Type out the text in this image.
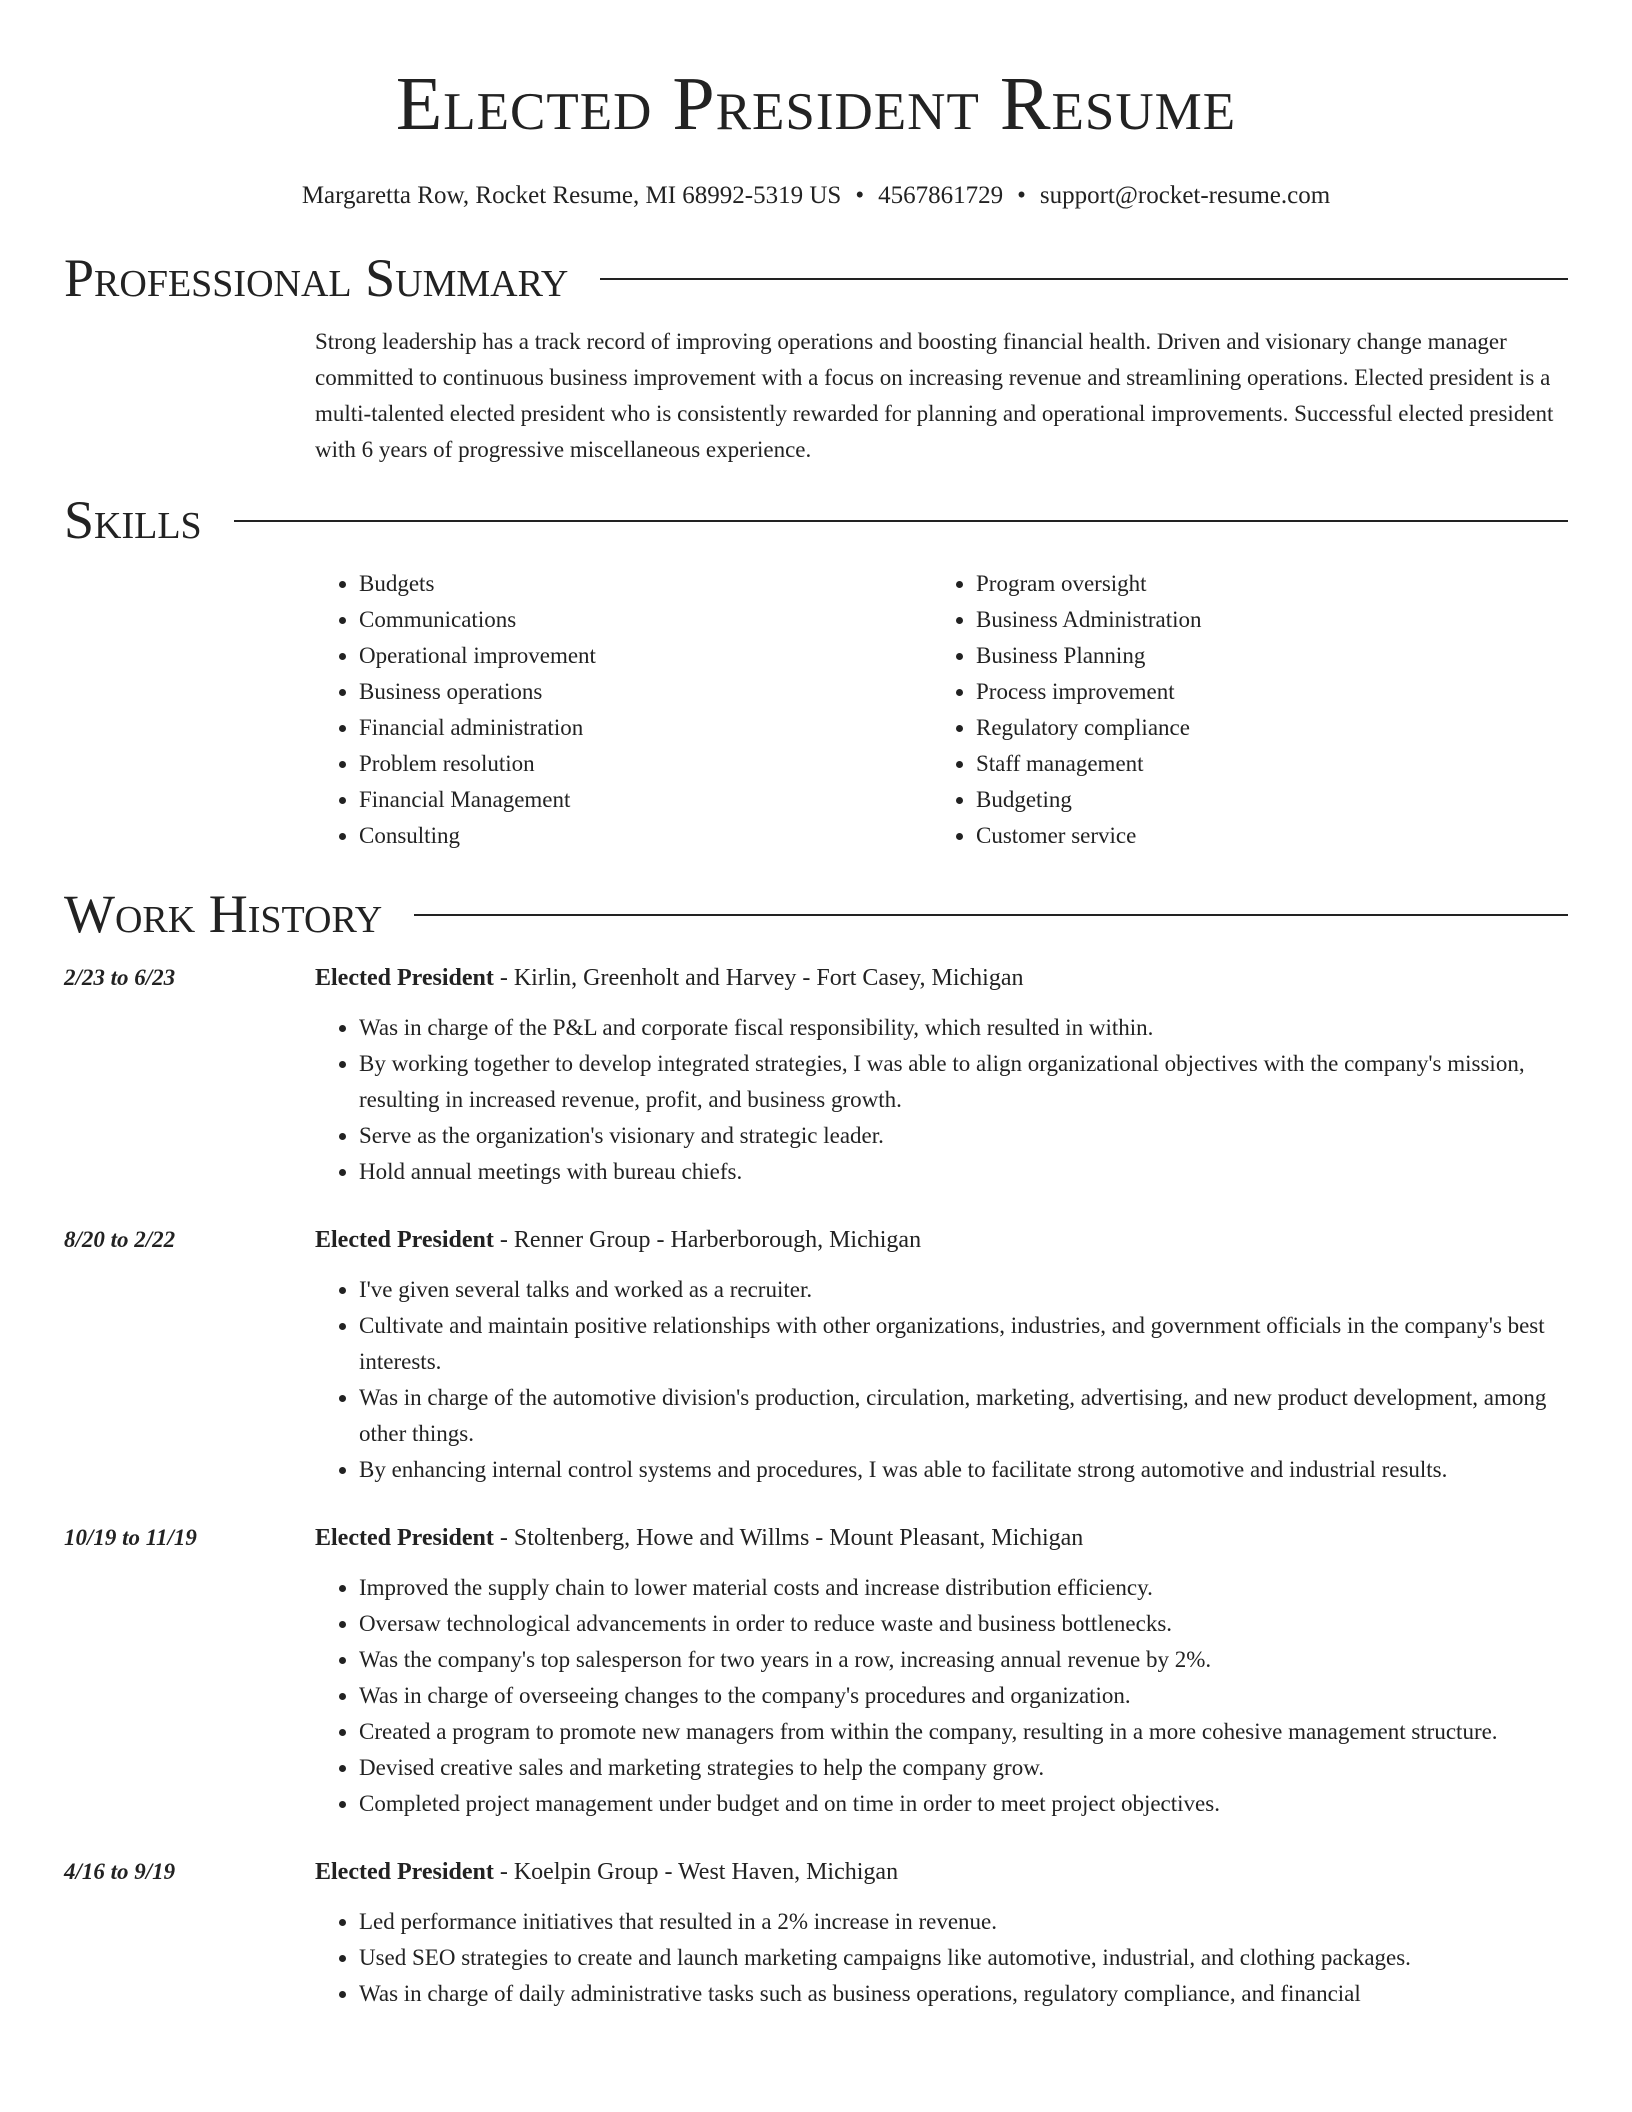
Elected President Resume
Margaretta Row, Rocket Resume, MI 68992-5319 US • 4567861729 • support@rocket-resume.com
Professional Summary

Strong leadership has a track record of improving operations and boosting financial health. Driven and visionary change manager committed to continuous business improvement with a focus on increasing revenue and streamlining operations. Elected president is a multi-talented elected president who is consistently rewarded for planning and operational improvements. Successful elected president with 6 years of progressive miscellaneous experience.

Skills
• Budgets
• Communications
• Operational improvement
• Business operations
• Financial administration
• Problem resolution
• Financial Management
• Consulting
• Program oversight
• Business Administration
• Business Planning
• Process improvement
• Regulatory compliance
• Staff management
• Budgeting
• Customer service
Work History
2/23 to 6/23	Elected President - Kirlin, Greenholt and Harvey - Fort Casey, Michigan
• Was in charge of the P&L and corporate fiscal responsibility, which resulted in within.
• By working together to develop integrated strategies, I was able to align organizational objectives with the company's mission, resulting in increased revenue, profit, and business growth.
• Serve as the organization's visionary and strategic leader.
• Hold annual meetings with bureau chiefs.
8/20 to 2/22	Elected President - Renner Group - Harberborough, Michigan
• I've given several talks and worked as a recruiter.
• Cultivate and maintain positive relationships with other organizations, industries, and government officials in the company's best interests.
• Was in charge of the automotive division's production, circulation, marketing, advertising, and new product development, among other things.
• By enhancing internal control systems and procedures, I was able to facilitate strong automotive and industrial results.
10/19 to 11/19	Elected President - Stoltenberg, Howe and Willms - Mount Pleasant, Michigan
• Improved the supply chain to lower material costs and increase distribution efficiency.
• Oversaw technological advancements in order to reduce waste and business bottlenecks.
• Was the company's top salesperson for two years in a row, increasing annual revenue by 2%.
• Was in charge of overseeing changes to the company's procedures and organization.
• Created a program to promote new managers from within the company, resulting in a more cohesive management structure.
• Devised creative sales and marketing strategies to help the company grow.
• Completed project management under budget and on time in order to meet project objectives.
4/16 to 9/19	Elected President - Koelpin Group - West Haven, Michigan
• Led performance initiatives that resulted in a 2% increase in revenue.
• Used SEO strategies to create and launch marketing campaigns like automotive, industrial, and clothing packages.
• Was in charge of daily administrative tasks such as business operations, regulatory compliance, and financial
